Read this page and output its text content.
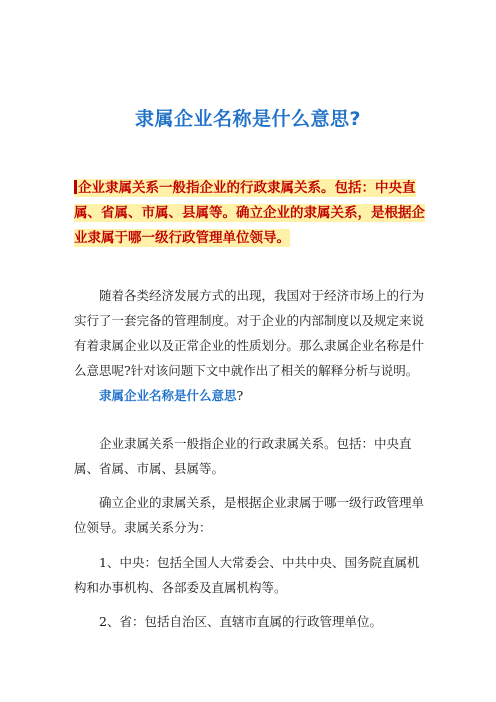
隶属企业名称是什么意思?
企业隶属关系一般指企业的行政隶属关系。包括：中央直属、省属、市属、县属等。确立企业的隶属关系，是根据企业隶属于哪一级行政管理单位领导。

随着各类经济发展方式的出现，我国对于经济市场上的行为实行了一套完备的管理制度。对于企业的内部制度以及规定来说有着隶属企业以及正常企业的性质划分。那么隶属企业名称是什么意思呢?针对该问题下文中就作出了相关的解释分析与说明。

隶属企业名称是什么意思?

企业隶属关系一般指企业的行政隶属关系。包括：中央直属、省属、市属、县属等。

确立企业的隶属关系，是根据企业隶属于哪一级行政管理单位领导。隶属关系分为：

1、中央：包括全国人大常委会、中共中央、国务院直属机构和办事机构、各部委及直属机构等。

2、省：包括自治区、直辖市直属的行政管理单位。
